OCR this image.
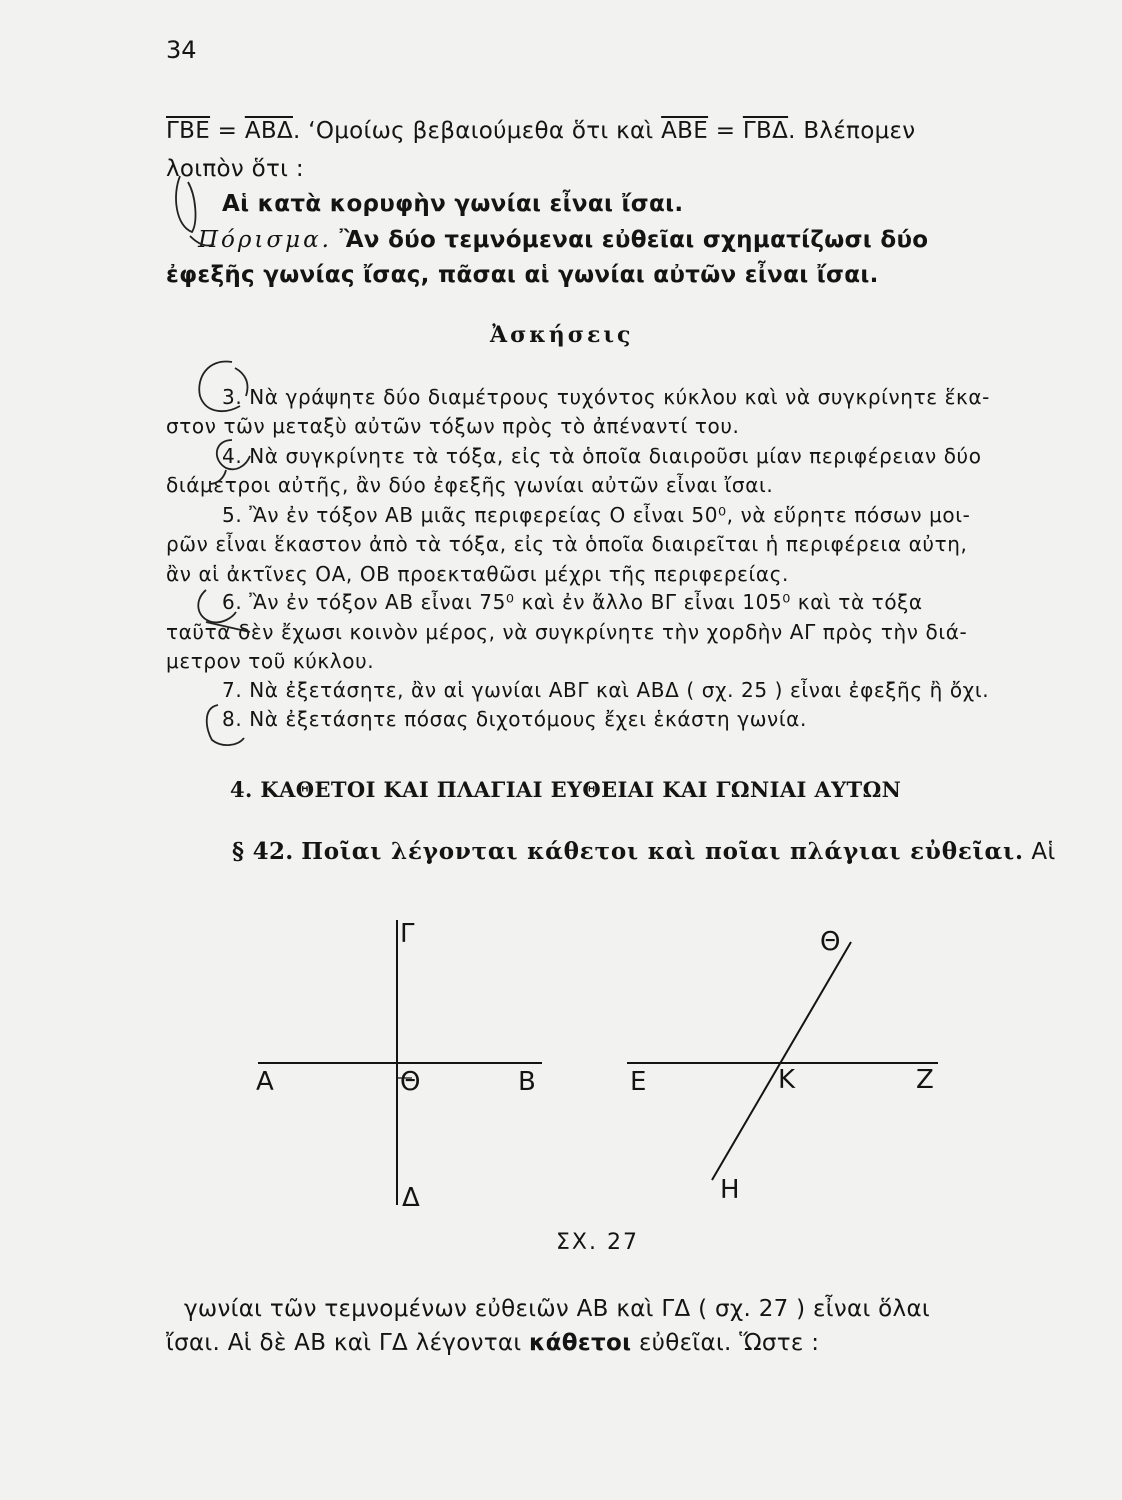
34
$\overline{\Gamma BE} = \overline{AB\Delta}$. ‘Ομοίως βεβαιούμεθα ὅτι καὶ $\overline{ABE} = \overline{\Gamma B\Delta}$. Βλέπομεν
λοιπὸν ὅτι :
Αἱ κατὰ κορυφὴν γωνίαι εἶναι ἴσαι.
Πόρισμα. Ἂν δύο τεμνόμεναι εὐθεῖαι σχηματίζωσι δύο
ἐφεξῆς γωνίας ἴσας, πᾶσαι αἱ γωνίαι αὐτῶν εἶναι ἴσαι.
Ἀσκήσεις
3. Νὰ γράψητε δύο διαμέτρους τυχόντος κύκλου καὶ νὰ συγκρίνητε ἕκα-
στον τῶν μεταξὺ αὐτῶν τόξων πρὸς τὸ ἀπέναντί του.
4. Νὰ συγκρίνητε τὰ τόξα, εἰς τὰ ὁποῖα διαιροῦσι μίαν περιφέρειαν δύο
διάμετροι αὐτῆς, ἂν δύο ἐφεξῆς γωνίαι αὐτῶν εἶναι ἴσαι.
5. Ἂν ἐν τόξον ΑΒ μιᾶς περιφερείας Ο εἶναι 50⁰, νὰ εὕρητε πόσων μοι-
ρῶν εἶναι ἕκαστον ἀπὸ τὰ τόξα, εἰς τὰ ὁποῖα διαιρεῖται ἡ περιφέρεια αὐτη,
ἂν αἱ ἀκτῖνες ΟΑ, ΟΒ προεκταθῶσι μέχρι τῆς περιφερείας.
6. Ἂν ἐν τόξον ΑΒ εἶναι 75⁰ καὶ ἐν ἄλλο ΒΓ εἶναι 105⁰ καὶ τὰ τόξα
ταῦτα δὲν ἔχωσι κοινὸν μέρος, νὰ συγκρίνητε τὴν χορδὴν ΑΓ πρὸς τὴν διά-
μετρον τοῦ κύκλου.
7. Νὰ ἐξετάσητε, ἂν αἱ γωνίαι ΑΒΓ καὶ ΑΒΔ ( σχ. 25 ) εἶναι ἐφεξῆς ἢ ὄχι.
8. Νὰ ἐξετάσητε πόσας διχοτόμους ἔχει ἑκάστη γωνία.
4. ΚΑΘΕΤΟΙ ΚΑΙ ΠΛΑΓΙΑΙ ΕΥΘΕΙΑΙ ΚΑΙ ΓΩΝΙΑΙ ΑΥΤΩΝ
§ 42. Ποῖαι λέγονται κάθετοι καὶ ποῖαι πλάγιαι εὐθεῖαι. Αἱ
Γ
Α	Θ	Β
Δ
Θ
Ε	Κ	Ζ
Η
ΣΧ. 27
γωνίαι τῶν τεμνομένων εὐθειῶν ΑΒ καὶ ΓΔ ( σχ. 27 ) εἶναι ὅλαι
ἴσαι. Αἱ δὲ ΑΒ καὶ ΓΔ λέγονται κάθετοι εὐθεῖαι. Ὥστε :
